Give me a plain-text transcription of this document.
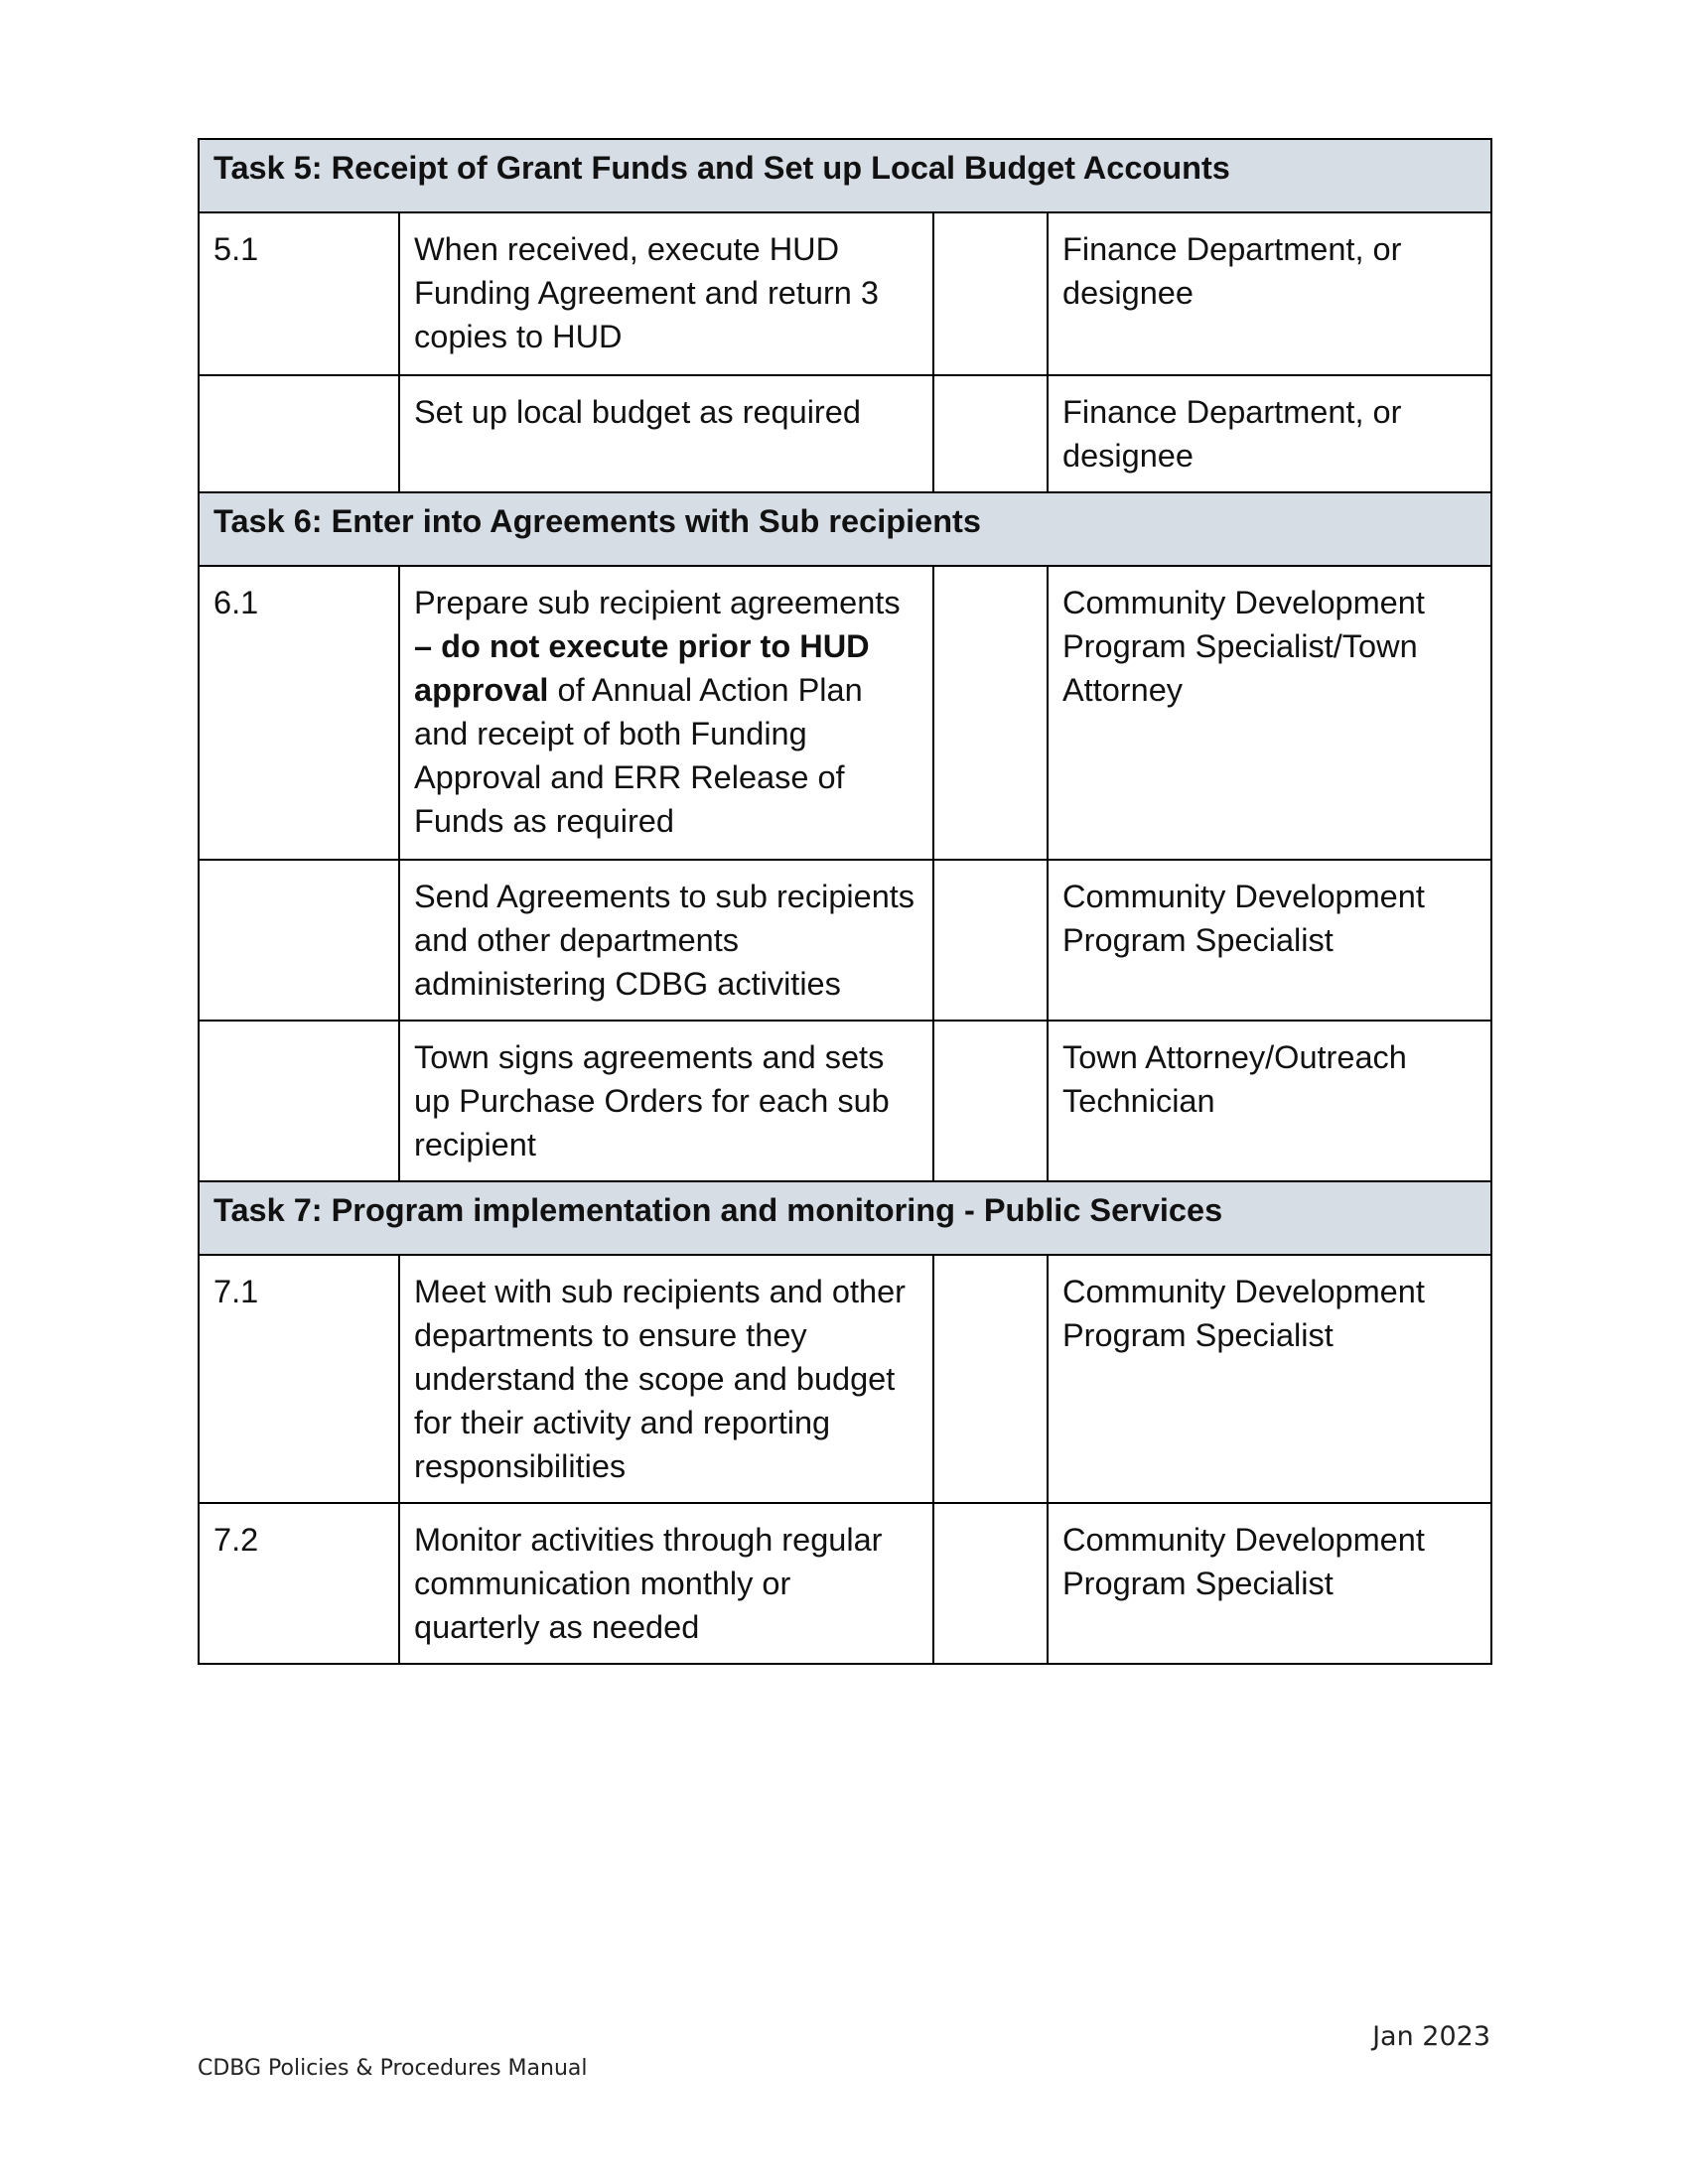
Task 5: Receipt of Grant Funds and Set up Local Budget Accounts			
5.1	When received, execute HUD Funding Agreement and return 3 copies to HUD		Finance Department, or designee
	Set up local budget as required		Finance Department, or designee
Task 6: Enter into Agreements with Sub recipients			
6.1	Prepare sub recipient agreements – do not execute prior to HUD approval of Annual Action Plan and receipt of both Funding Approval and ERR Release of Funds as required		Community Development Program Specialist/Town Attorney
	Send Agreements to sub recipients and other departments administering CDBG activities		Community Development Program Specialist
	Town signs agreements and sets up Purchase Orders for each sub recipient		Town Attorney/Outreach Technician
Task 7: Program implementation and monitoring - Public Services			
7.1	Meet with sub recipients and other departments to ensure they understand the scope and budget for their activity and reporting responsibilities		Community Development Program Specialist
7.2	Monitor activities through regular communication monthly or quarterly as needed		Community Development Program Specialist
Jan 2023
CDBG Policies & Procedures Manual
